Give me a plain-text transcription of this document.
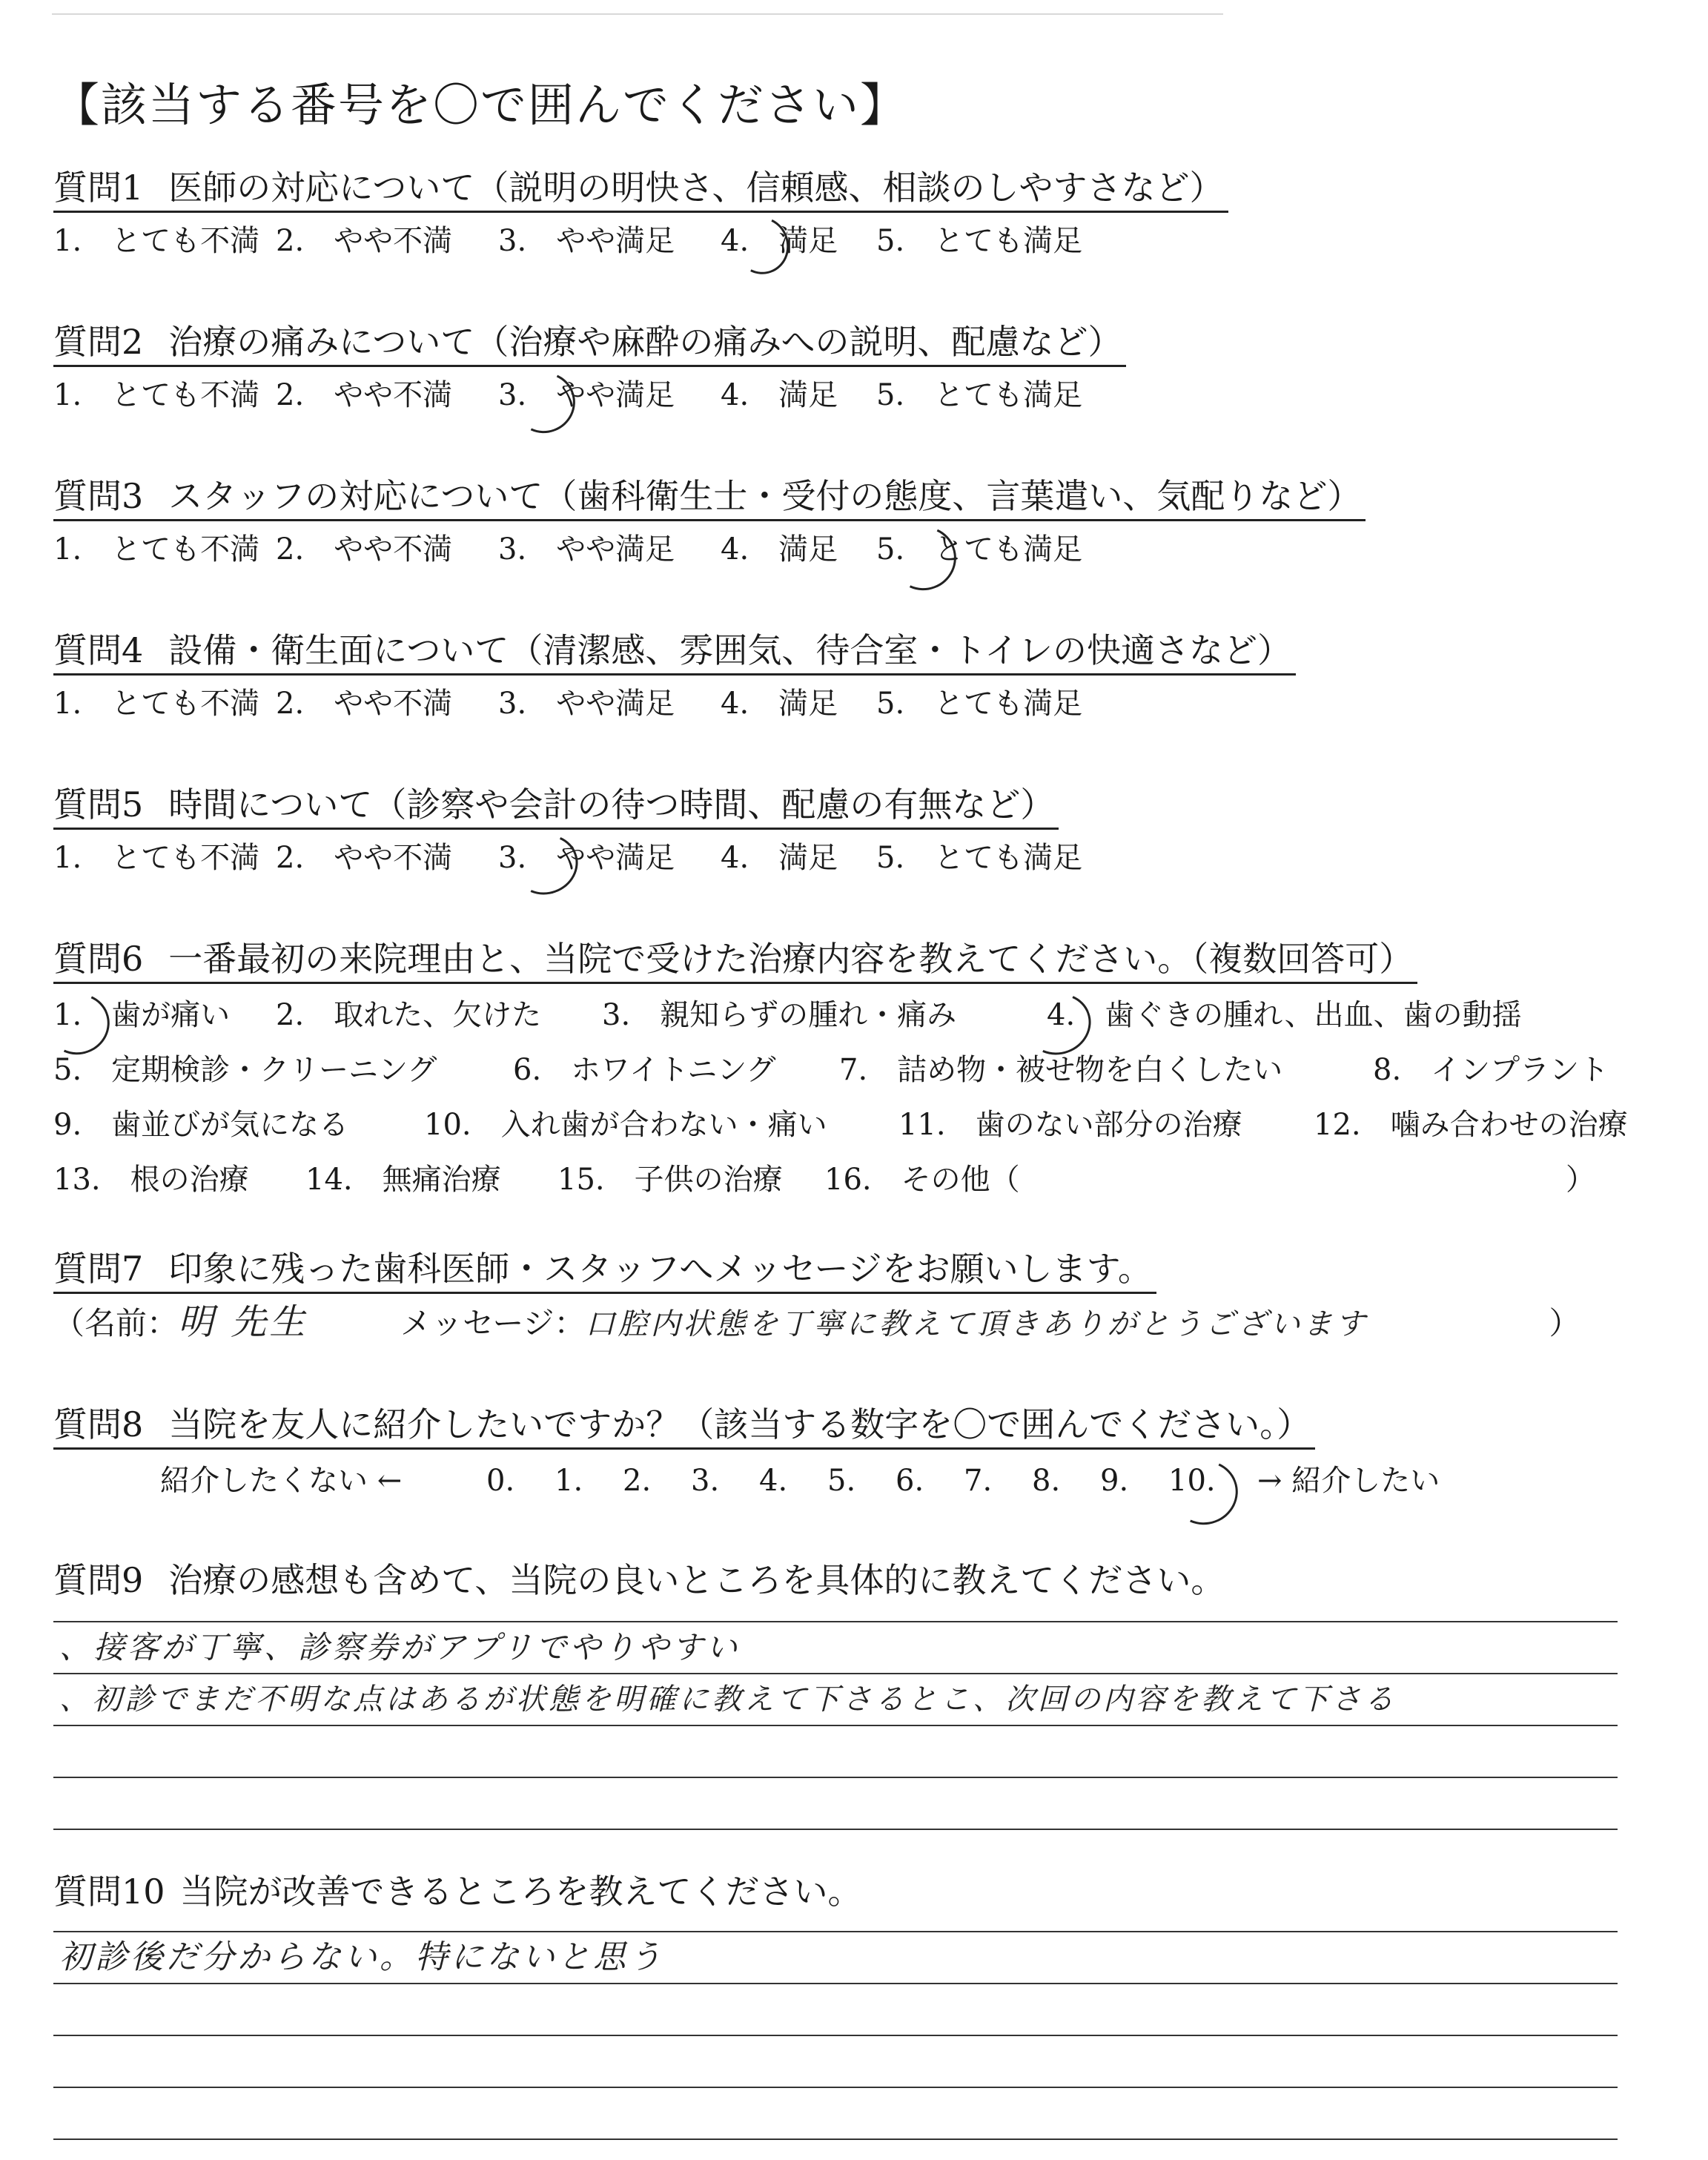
【該当する番号を〇で囲んでください】
質問1 医師の対応について（説明の明快さ、信頼感、相談のしやすさなど）
1.　とても不満 2.　やや不満 3.　やや満足 4.　満足 5.　とても満足
質問2 治療の痛みについて（治療や麻酔の痛みへの説明、配慮など）
1.　とても不満 2.　やや不満 3.　やや満足 4.　満足 5.　とても満足
質問3 スタッフの対応について（歯科衛生士・受付の態度、言葉遣い、気配りなど）
1.　とても不満 2.　やや不満 3.　やや満足 4.　満足 5.　とても満足
質問4 設備・衛生面について（清潔感、雰囲気、待合室・トイレの快適さなど）
1.　とても不満 2.　やや不満 3.　やや満足 4.　満足 5.　とても満足
質問5 時間について（診察や会計の待つ時間、配慮の有無など）
1.　とても不満 2.　やや不満 3.　やや満足 4.　満足 5.　とても満足
質問6 一番最初の来院理由と、当院で受けた治療内容を教えてください。（複数回答可）
1.　歯が痛い 2.　取れた、欠けた 3.　親知らずの腫れ・痛み	4.　歯ぐきの腫れ、出血、歯の動揺
5.　定期検診・クリーニング	6.　ホワイトニング 7.　詰め物・被せ物を白くしたい	8.　インプラント
9.　歯並びが気になる	10.　入れ歯が合わない・痛い 11.　歯のない部分の治療 12.　噛み合わせの治療
13.　根の治療 14.　無痛治療 15.　子供の治療 16.　その他（	）
質問7 印象に残った歯科医師・スタッフへメッセージをお願いします。
（名前：明 先生	メッセージ：口腔内状態を丁寧に教えて頂きありがとうございます	）
質問8 当院を友人に紹介したいですか？（該当する数字を〇で囲んでください。）
紹介したくない ←	0. 1. 2. 3. 4. 5. 6. 7. 8. 9. 10. → 紹介したい
質問9 治療の感想も含めて、当院の良いところを具体的に教えてください。
、接客が丁寧、診察券がアプリでやりやすい
、初診でまだ不明な点はあるが状態を明確に教えて下さるとこ、次回の内容を教えて下さる
質問10 当院が改善できるところを教えてください。
初診後だ分からない。特にないと思う
